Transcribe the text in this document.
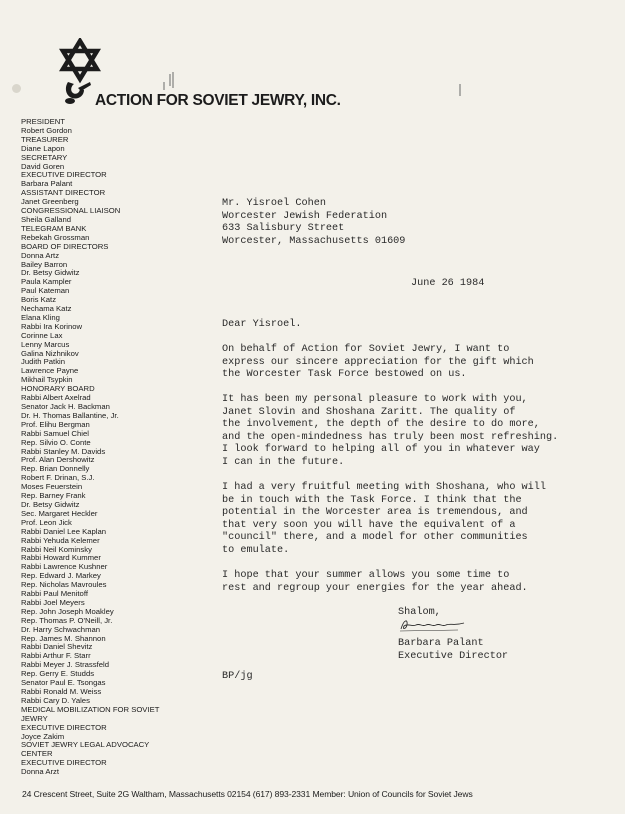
ACTION FOR SOVIET JEWRY, INC.
PRESIDENT
Robert Gordon
TREASURER
Diane Lapon
SECRETARY
David Goren
EXECUTIVE DIRECTOR
Barbara Palant
ASSISTANT DIRECTOR
Janet Greenberg
CONGRESSIONAL LIAISON
Sheila Galland
TELEGRAM BANK
Rebekah Grossman
BOARD OF DIRECTORS
Donna Artz
Bailey Barron
Dr. Betsy Gidwitz
Paula Kampler
Paul Kateman
Boris Katz
Nechama Katz
Elana Kling
Rabbi Ira Korinow
Corinne Lax
Lenny Marcus
Galina Nizhnikov
Judith Patkin
Lawrence Payne
Mikhail Tsypkin
HONORARY BOARD
Rabbi Albert Axelrad
Senator Jack H. Backman
Dr. H. Thomas Ballantine, Jr.
Prof. Elihu Bergman
Rabbi Samuel Chiel
Rep. Silvio O. Conte
Rabbi Stanley M. Davids
Prof. Alan Dershowitz
Rep. Brian Donnelly
Robert F. Drinan, S.J.
Moses Feuerstein
Rep. Barney Frank
Dr. Betsy Gidwitz
Sec. Margaret Heckler
Prof. Leon Jick
Rabbi Daniel Lee Kaplan
Rabbi Yehuda Kelemer
Rabbi Neil Kominsky
Rabbi Howard Kummer
Rabbi Lawrence Kushner
Rep. Edward J. Markey
Rep. Nicholas Mavroules
Rabbi Paul Menitoff
Rabbi Joel Meyers
Rep. John Joseph Moakley
Rep. Thomas P. O'Neill, Jr.
Dr. Harry Schwachman
Rep. James M. Shannon
Rabbi Daniel Shevitz
Rabbi Arthur F. Starr
Rabbi Meyer J. Strassfeld
Rep. Gerry E. Studds
Senator Paul E. Tsongas
Rabbi Ronald M. Weiss
Rabbi Cary D. Yales
MEDICAL MOBILIZATION FOR SOVIET JEWRY
EXECUTIVE DIRECTOR
Joyce Zakim
SOVIET JEWRY LEGAL ADVOCACY CENTER
EXECUTIVE DIRECTOR
Donna Arzt
Mr. Yisroel Cohen
Worcester Jewish Federation
633 Salisbury Street
Worcester, Massachusetts 01609
June 26 1984
Dear Yisroel.
On behalf of Action for Soviet Jewry, I want to
express our sincere appreciation for the gift which
the Worcester Task Force bestowed on us.
It has been my personal pleasure to work with you,
Janet Slovin and Shoshana Zaritt. The quality of
the involvement, the depth of the desire to do more,
and the open-mindedness has truly been most refreshing.
I look forward to helping all of you in whatever way
I can in the future.
I had a very fruitful meeting with Shoshana, who will
be in touch with the Task Force. I think that the
potential in the Worcester area is tremendous, and
that very soon you will have the equivalent of a
"council" there, and a model for other communities
to emulate.
I hope that your summer allows you some time to
rest and regroup your energies for the year ahead.
Shalom,
Barbara Palant
Executive Director
BP/jg
24 Crescent Street, Suite 2G Waltham, Massachusetts 02154 (617) 893-2331 Member: Union of Councils for Soviet Jews
